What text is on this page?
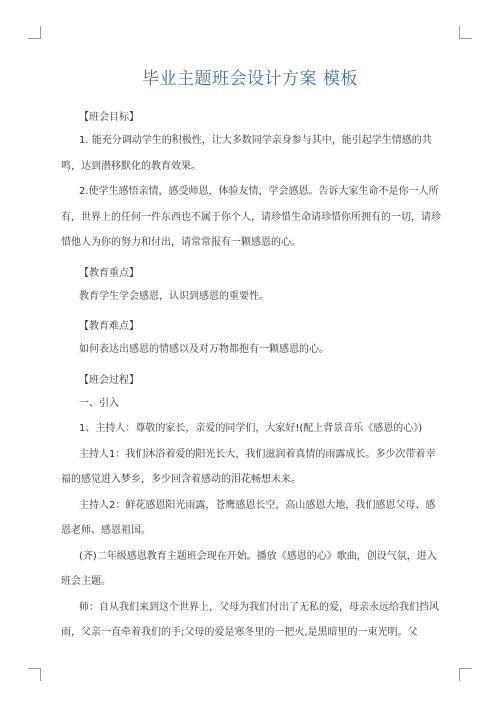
毕业主题班会设计方案 模板
【班会目标】

1. 能充分调动学生的积极性，让大多数同学亲身参与其中，能引起学生情感的共鸣，达到潜移默化的教育效果。

2.使学生感悟亲情，感受师恩，体验友情，学会感恩。告诉大家生命不是你一人所有，世界上的任何一件东西也不属于你个人，请珍惜生命请珍惜你所拥有的一切，请珍惜他人为你的努力和付出，请常常报有一颗感恩的心。

【教育重点】

教育学生学会感恩，认识到感恩的重要性。

【教育难点】

如何表达出感恩的情感以及对万物都抱有一颗感恩的心。

【班会过程】

一、引入

1、主持人：尊敬的家长，亲爱的同学们，大家好!(配上背景音乐《感恩的心》)

主持人1：我们沐浴着爱的阳光长大，我们滋润着真情的雨露成长。多少次带着幸福的感觉进入梦乡，多少回含着感动的泪花畅想未来。

主持人2：鲜花感恩阳光雨露，苍鹰感恩长空，高山感恩大地，我们感恩父母、感恩老师、感恩祖国。

(齐)二年级感恩教育主题班会现在开始。播放《感恩的心》歌曲，创设气氛，进入班会主题。

师：自从我们来到这个世界上，父母为我们付出了无私的爱，母亲永远给我们挡风雨，父亲一直牵着我们的手;父母的爱是寒冬里的一把火,是黑暗里的一束光明。父
